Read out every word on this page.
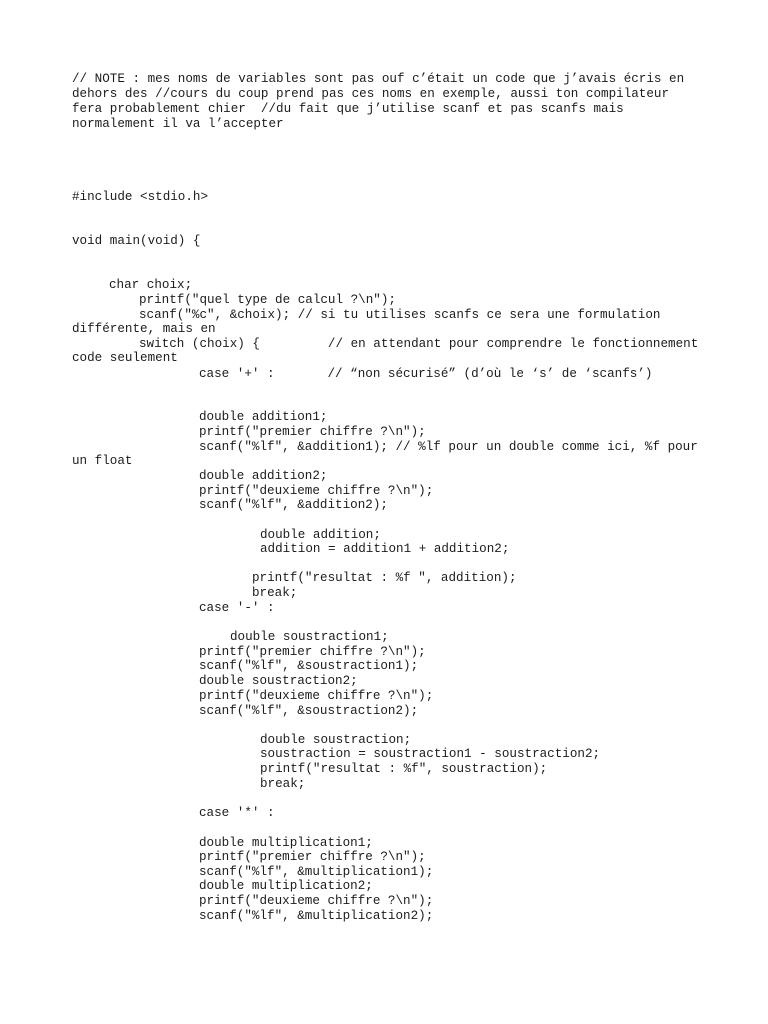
// NOTE : mes noms de variables sont pas ouf c’était un code que j’avais écris en

dehors des //cours du coup prend pas ces noms en exemple, aussi ton compilateur

fera probablement chier  //du fait que j’utilise scanf et pas scanfs mais

normalement il va l’accepter

#include <stdio.h>

void main(void) {

char choix;

printf("quel type de calcul ?\n");

scanf("%c", &choix); // si tu utilises scanfs ce sera une formulation

différente, mais en

switch (choix) {         // en attendant pour comprendre le fonctionnement

code seulement

case '+' :       // “non sécurisé” (d’où le ‘s’ de ‘scanfs’)

double addition1;

printf("premier chiffre ?\n");

scanf("%lf", &addition1); // %lf pour un double comme ici, %f pour

un float

double addition2;

printf("deuxieme chiffre ?\n");

scanf("%lf", &addition2);

double addition;

addition = addition1 + addition2;

printf("resultat : %f ", addition);

break;

case '-' :

double soustraction1;

printf("premier chiffre ?\n");

scanf("%lf", &soustraction1);

double soustraction2;

printf("deuxieme chiffre ?\n");

scanf("%lf", &soustraction2);

double soustraction;

soustraction = soustraction1 - soustraction2;

printf("resultat : %f", soustraction);

break;

case '*' :

double multiplication1;

printf("premier chiffre ?\n");

scanf("%lf", &multiplication1);

double multiplication2;

printf("deuxieme chiffre ?\n");

scanf("%lf", &multiplication2);
